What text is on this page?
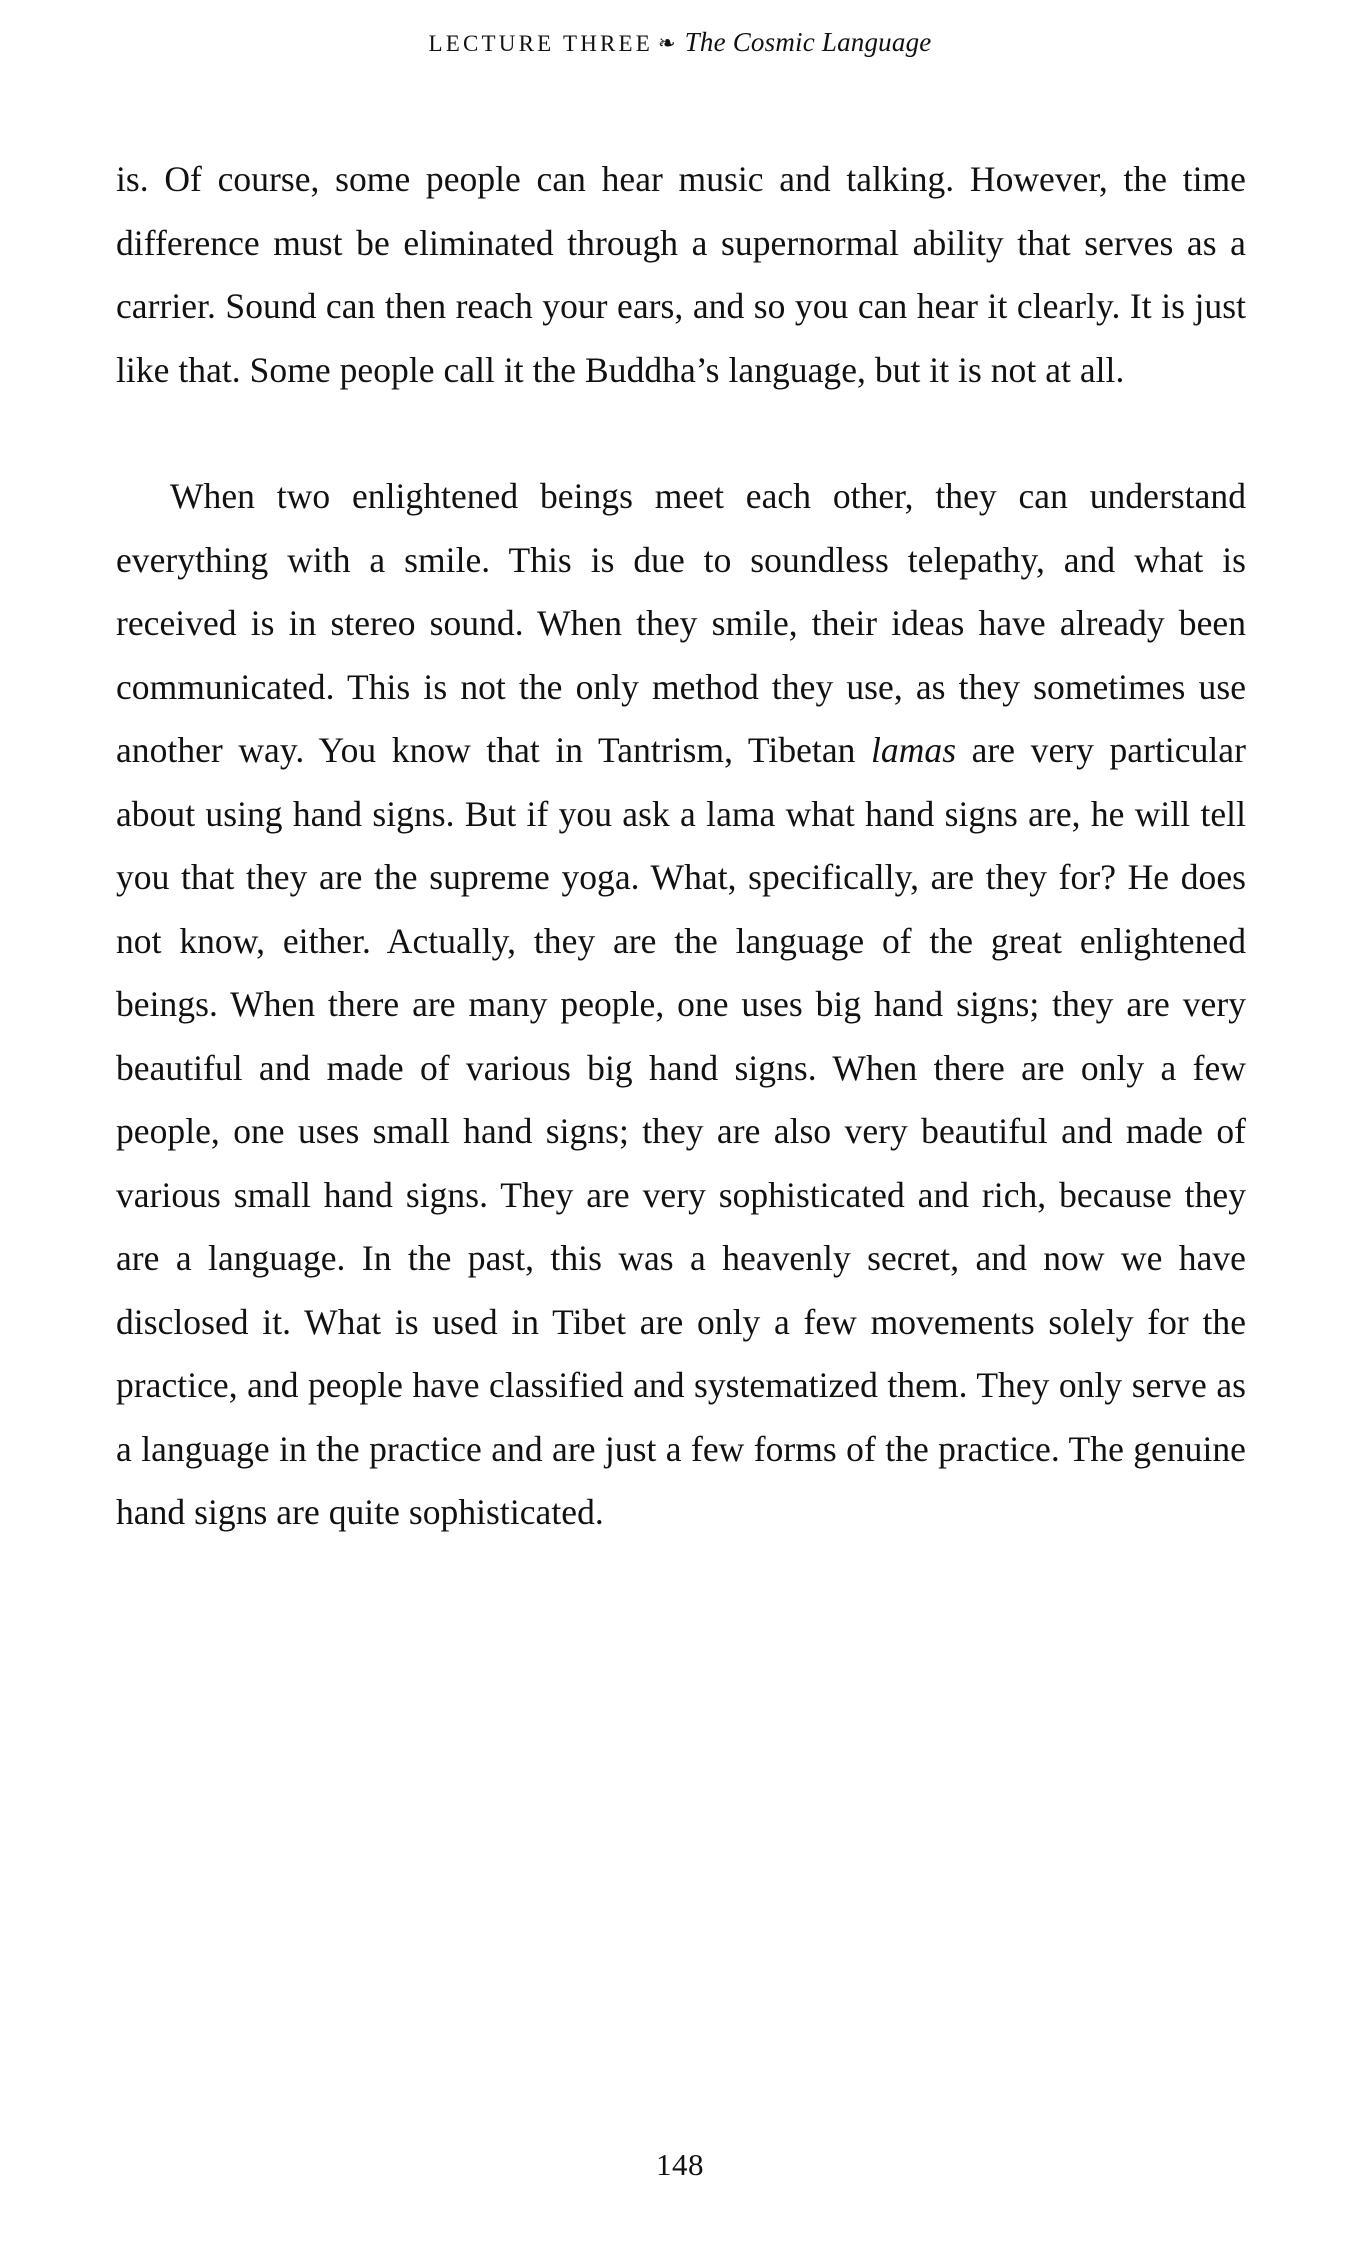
LECTURE THREE ❧ The Cosmic Language

is. Of course, some people can hear music and talking. However, the time difference must be eliminated through a supernormal ability that serves as a carrier. Sound can then reach your ears, and so you can hear it clearly. It is just like that. Some people call it the Buddha’s language, but it is not at all.

When two enlightened beings meet each other, they can understand everything with a smile. This is due to soundless telepathy, and what is received is in stereo sound. When they smile, their ideas have already been communicated. This is not the only method they use, as they sometimes use another way. You know that in Tantrism, Tibetan lamas are very particular about using hand signs. But if you ask a lama what hand signs are, he will tell you that they are the supreme yoga. What, specifically, are they for? He does not know, either. Actually, they are the language of the great enlightened beings. When there are many people, one uses big hand signs; they are very beautiful and made of various big hand signs. When there are only a few people, one uses small hand signs; they are also very beautiful and made of various small hand signs. They are very sophisticated and rich, because they are a language. In the past, this was a heavenly secret, and now we have disclosed it. What is used in Tibet are only a few movements solely for the practice, and people have classified and systematized them. They only serve as a language in the practice and are just a few forms of the practice. The genuine hand signs are quite sophisticated.

148
